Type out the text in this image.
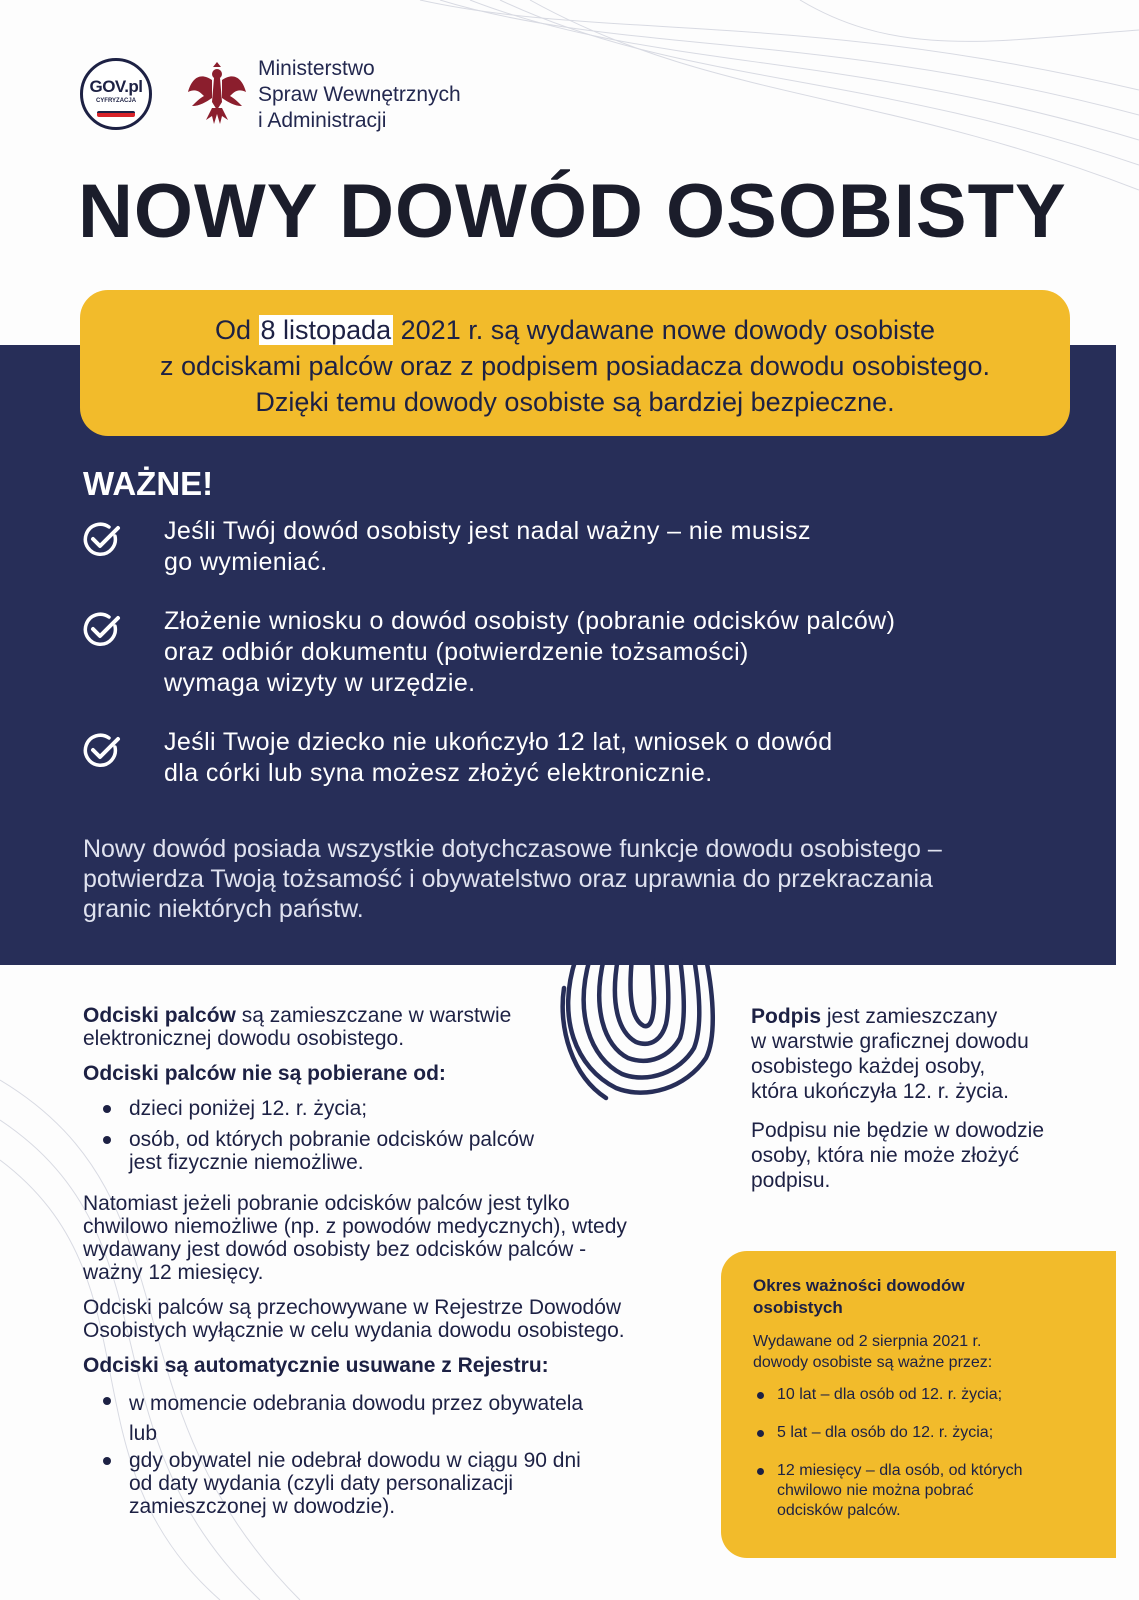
GOV.pl
CYFRYZACJA
Ministerstwo
Spraw Wewnętrznych
i Administracji
NOWY DOWÓD OSOBISTY
Od 8 listopada 2021 r. są wydawane nowe dowody osobiste
z odciskami palców oraz z podpisem posiadacza dowodu osobistego.
Dzięki temu dowody osobiste są bardziej bezpieczne.
WAŻNE!
Jeśli Twój dowód osobisty jest nadal ważny – nie musisz
go wymieniać.
Złożenie wniosku o dowód osobisty (pobranie odcisków palców)
oraz odbiór dokumentu (potwierdzenie tożsamości)
wymaga wizyty w urzędzie.
Jeśli Twoje dziecko nie ukończyło 12 lat, wniosek o dowód
dla córki lub syna możesz złożyć elektronicznie.
Nowy dowód posiada wszystkie dotychczasowe funkcje dowodu osobistego –
potwierdza Twoją tożsamość i obywatelstwo oraz uprawnia do przekraczania
granic niektórych państw.

Odciski palców są zamieszczane w warstwie

elektronicznej dowodu osobistego.

Odciski palców nie są pobierane od:

dzieci poniżej 12. r. życia;
osób, od których pobranie odcisków palców
jest fizycznie niemożliwe.
Natomiast jeżeli pobranie odcisków palców jest tylko
chwilowo niemożliwe (np. z powodów medycznych), wtedy
wydawany jest dowód osobisty bez odcisków palców -
ważny 12 miesięcy.
Odciski palców są przechowywane w Rejestrze Dowodów
Osobistych wyłącznie w celu wydania dowodu osobistego.

Odciski są automatycznie usuwane z Rejestru:

w momencie odebrania dowodu przez obywatela
lub
gdy obywatel nie odebrał dowodu w ciągu 90 dni
od daty wydania (czyli daty personalizacji
zamieszczonej w dowodzie).

Podpis jest zamieszczany

w warstwie graficznej dowodu

osobistego każdej osoby,

która ukończyła 12. r. życia.

Podpisu nie będzie w dowodzie
osoby, która nie może złożyć
podpisu.
Okres ważności dowodów
osobistych
Wydawane od 2 sierpnia 2021 r.
dowody osobiste są ważne przez:
10 lat – dla osób od 12. r. życia;
5 lat – dla osób do 12. r. życia;
12 miesięcy – dla osób, od których
chwilowo nie można pobrać
odcisków palców.
